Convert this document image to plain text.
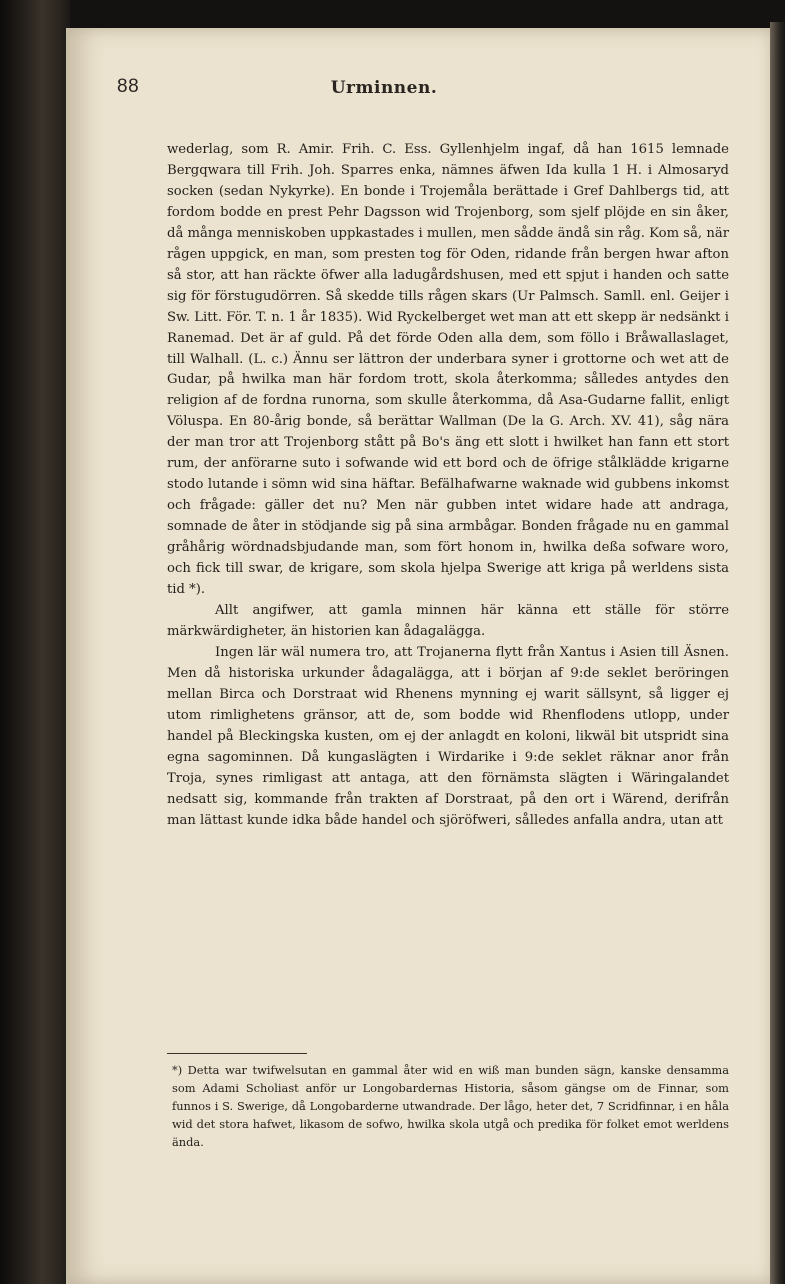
88	Urminnen.

wederlag, som R. Amir. Frih. C. Ess. Gyllenhjelm ingaf, då han 1615 lemnade Bergqwara till Frih. Joh. Sparres enka, nämnes äfwen Ida kulla 1 H. i Almosaryd socken (sedan Nykyrke). En bonde i Trojemåla berättade i Gref Dahlbergs tid, att fordom bodde en prest Pehr Dagsson wid Trojenborg, som sjelf plöjde en sin åker, då många menniskoben uppkastades i mullen, men sådde ändå sin råg. Kom så, när rågen uppgick, en man, som presten tog för Oden, ridande från bergen hwar afton så stor, att han räckte öfwer alla ladugårdshusen, med ett spjut i handen och satte sig för förstugudörren. Så skedde tills rågen skars (Ur Palmsch. Samll. enl. Geijer i Sw. Litt. För. T. n. 1 år 1835). Wid Ryckelberget wet man att ett skepp är nedsänkt i Ranemad. Det är af guld. På det förde Oden alla dem, som föllo i Bråwallaslaget, till Walhall. (L. c.) Ännu ser lättron der underbara syner i grottorne och wet att de Gudar, på hwilka man här fordom trott, skola återkomma; sålledes antydes den religion af de fordna runorna, som skulle återkomma, då Asa-Gudarne fallit, enligt Völuspa. En 80-årig bonde, så berättar Wallman (De la G. Arch. XV. 41), såg nära der man tror att Trojenborg stått på Bo's äng ett slott i hwilket han fann ett stort rum, der anförarne suto i sofwande wid ett bord och de öfrige stålklädde krigarne stodo lutande i sömn wid sina häftar. Befälhafwarne waknade wid gubbens inkomst och frågade: gäller det nu? Men när gubben intet widare hade att andraga, somnade de åter in stödjande sig på sina armbågar. Bonden frågade nu en gammal gråhårig wördnadsbjudande man, som fört honom in, hwilka deßa sofware woro, och fick till swar, de krigare, som skola hjelpa Swerige att kriga på werldens sista tid *).

Allt angifwer, att gamla minnen här känna ett ställe för större märkwärdigheter, än historien kan ådagalägga.

Ingen lär wäl numera tro, att Trojanerna flytt från Xantus i Asien till Äsnen. Men då historiska urkunder ådagalägga, att i början af 9:de seklet beröringen mellan Birca och Dorstraat wid Rhenens mynning ej warit sällsynt, så ligger ej utom rimlighetens gränsor, att de, som bodde wid Rhenflodens utlopp, under handel på Bleckingska kusten, om ej der anlagdt en koloni, likwäl bit utspridt sina egna sagominnen. Då kungaslägten i Wirdarike i 9:de seklet räknar anor från Troja, synes rimligast att antaga, att den förnämsta slägten i Wäringalandet nedsatt sig, kommande från trakten af Dorstraat, på den ort i Wärend, derifrån man lättast kunde idka både handel och sjöröfweri, sålledes anfalla andra, utan att

*) Detta war twifwelsutan en gammal åter wid en wiß man bunden sägn, kanske densamma som Adami Scholiast anför ur Longobardernas Historia, såsom gängse om de Finnar, som funnos i S. Swerige, då Longobarderne utwandrade. Der lågo, heter det, 7 Scridfinnar, i en håla wid det stora hafwet, likasom de sofwo, hwilka skola utgå och predika för folket emot werldens ända.
